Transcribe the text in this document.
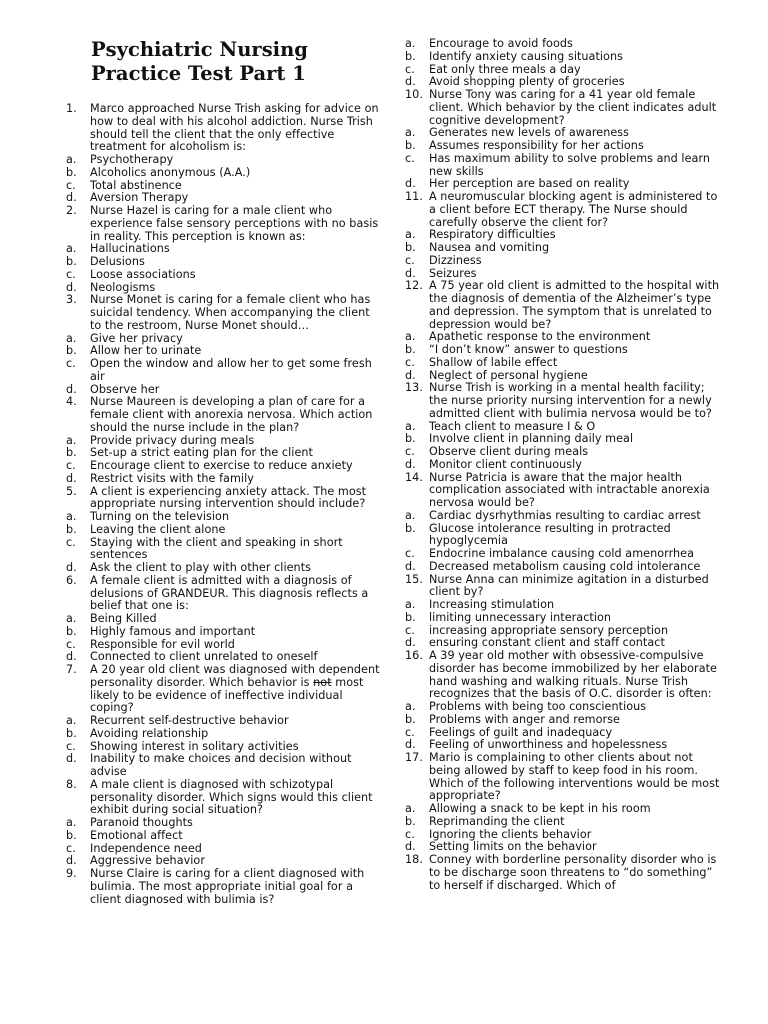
Psychiatric Nursing
Practice Test Part 1
1.	Marco approached Nurse Trish asking for advice on how to deal with his alcohol addiction. Nurse Trish should tell the client that the only effective treatment for alcoholism is:
a.	Psychotherapy
b.	Alcoholics anonymous (A.A.)
c.	Total abstinence
d.	Aversion Therapy
2.	Nurse Hazel is caring for a male client who experience false sensory perceptions with no basis in reality. This perception is known as:
a.	Hallucinations
b.	Delusions
c.	Loose associations
d.	Neologisms
3.	Nurse Monet is caring for a female client who has suicidal tendency. When accompanying the client to the restroom, Nurse Monet should…
a.	Give her privacy
b.	Allow her to urinate
c.	Open the window and allow her to get some fresh air
d.	Observe her
4.	Nurse Maureen is developing a plan of care for a female client with anorexia nervosa. Which action should the nurse include in the plan?
a.	Provide privacy during meals
b.	Set-up a strict eating plan for the client
c.	Encourage client to exercise to reduce anxiety
d.	Restrict visits with the family
5.	A client is experiencing anxiety attack. The most appropriate nursing intervention should include?
a.	Turning on the television
b.	Leaving the client alone
c.	Staying with the client and speaking in short sentences
d.	Ask the client to play with other clients
6.	A female client is admitted with a diagnosis of delusions of GRANDEUR. This diagnosis reflects a belief that one is:
a.	Being Killed
b.	Highly famous and important
c.	Responsible for evil world
d.	Connected to client unrelated to oneself
7.	A 20 year old client was diagnosed with dependent personality disorder. Which behavior is not most likely to be evidence of ineffective individual coping?
a.	Recurrent self-destructive behavior
b.	Avoiding relationship
c.	Showing interest in solitary activities
d.	Inability to make choices and decision without advise
8.	A male client is diagnosed with schizotypal personality disorder. Which signs would this client exhibit during social situation?
a.	Paranoid thoughts
b.	Emotional affect
c.	Independence need
d.	Aggressive behavior
9.	Nurse Claire is caring for a client diagnosed with bulimia. The most appropriate initial goal for a client diagnosed with bulimia is?
a.	Encourage to avoid foods
b.	Identify anxiety causing situations
c.	Eat only three meals a day
d.	Avoid shopping plenty of groceries
10. Nurse Tony was caring for a 41 year old female client. Which behavior by the client indicates adult cognitive development?
a.	Generates new levels of awareness
b.	Assumes responsibility for her actions
c.	Has maximum ability to solve problems and learn new skills
d.	Her perception are based on reality
11. A neuromuscular blocking agent is administered to a client before ECT therapy. The Nurse should carefully observe the client for?
a.	Respiratory difficulties
b.	Nausea and vomiting
c.	Dizziness
d.	Seizures
12. A 75 year old client is admitted to the hospital with the diagnosis of dementia of the Alzheimer’s type and depression. The symptom that is unrelated to depression would be?
a.	Apathetic response to the environment
b.	“I don’t know” answer to questions
c.	Shallow of labile effect
d.	Neglect of personal hygiene
13. Nurse Trish is working in a mental health facility; the nurse priority nursing intervention for a newly admitted client with bulimia nervosa would be to?
a.	Teach client to measure I & O
b.	Involve client in planning daily meal
c.	Observe client during meals
d.	Monitor client continuously
14. Nurse Patricia is aware that the major health complication associated with intractable anorexia nervosa would be?
a.	Cardiac dysrhythmias resulting to cardiac arrest
b.	Glucose intolerance resulting in protracted hypoglycemia
c.	Endocrine imbalance causing cold amenorrhea
d.	Decreased metabolism causing cold intolerance
15. Nurse Anna can minimize agitation in a disturbed client by?
a.	Increasing stimulation
b.	limiting unnecessary interaction
c.	increasing appropriate sensory perception
d.	ensuring constant client and staff contact
16. A 39 year old mother with obsessive-compulsive disorder has become immobilized by her elaborate hand washing and walking rituals. Nurse Trish recognizes that the basis of O.C. disorder is often:
a.	Problems with being too conscientious
b.	Problems with anger and remorse
c.	Feelings of guilt and inadequacy
d.	Feeling of unworthiness and hopelessness
17. Mario is complaining to other clients about not being allowed by staff to keep food in his room. Which of the following interventions would be most appropriate?
a.	Allowing a snack to be kept in his room
b.	Reprimanding the client
c.	Ignoring the clients behavior
d.	Setting limits on the behavior
18. Conney with borderline personality disorder who is to be discharge soon threatens to “do something” to herself if discharged. Which of
